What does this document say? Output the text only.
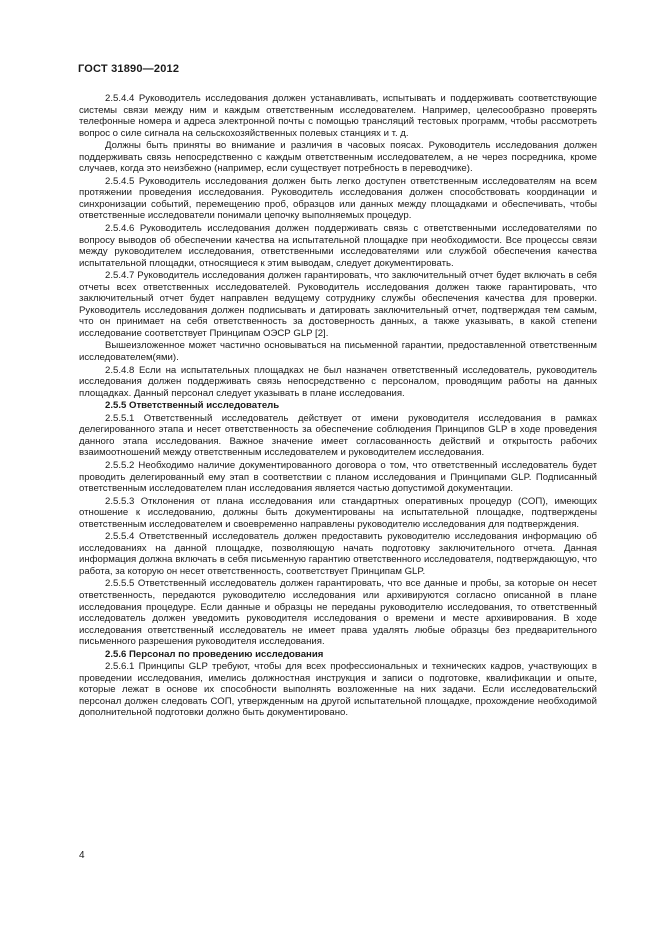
ГОСТ 31890—2012

2.5.4.4 Руководитель исследования должен устанавливать, испытывать и поддерживать соответствующие системы связи между ним и каждым ответственным исследователем. Например, целесообразно проверять телефонные номера и адреса электронной почты с помощью трансляций тестовых программ, чтобы рассмотреть вопрос о силе сигнала на сельскохозяйственных полевых станциях и т. д.

Должны быть приняты во внимание и различия в часовых поясах. Руководитель исследования должен поддерживать связь непосредственно с каждым ответственным исследователем, а не через посредника, кроме случаев, когда это неизбежно (например, если существует потребность в переводчике).

2.5.4.5 Руководитель исследования должен быть легко доступен ответственным исследователям на всем протяжении проведения исследования. Руководитель исследования должен способствовать координации и синхронизации событий, перемещению проб, образцов или данных между площадками и обеспечивать, чтобы ответственные исследователи понимали цепочку выполняемых процедур.

2.5.4.6 Руководитель исследования должен поддерживать связь с ответственными исследователями по вопросу выводов об обеспечении качества на испытательной площадке при необходимости. Все процессы связи между руководителем исследования, ответственными исследователями или службой обеспечения качества испытательной площадки, относящиеся к этим выводам, следует документировать.

2.5.4.7 Руководитель исследования должен гарантировать, что заключительный отчет будет включать в себя отчеты всех ответственных исследователей. Руководитель исследования должен также гарантировать, что заключительный отчет будет направлен ведущему сотруднику службы обеспечения качества для проверки. Руководитель исследования должен подписывать и датировать заключительный отчет, подтверждая тем самым, что он принимает на себя ответственность за достоверность данных, а также указывать, в какой степени исследование соответствует Принципам ОЭСР GLP [2].

Вышеизложенное может частично основываться на письменной гарантии, предоставленной ответственным исследователем(ями).

2.5.4.8 Если на испытательных площадках не был назначен ответственный исследователь, руководитель исследования должен поддерживать связь непосредственно с персоналом, проводящим работы на данных площадках. Данный персонал следует указывать в плане исследования.

2.5.5 Ответственный исследователь

2.5.5.1 Ответственный исследователь действует от имени руководителя исследования в рамках делегированного этапа и несет ответственность за обеспечение соблюдения Принципов GLP в ходе проведения данного этапа исследования. Важное значение имеет согласованность действий и открытость рабочих взаимоотношений между ответственным исследователем и руководителем исследования.

2.5.5.2 Необходимо наличие документированного договора о том, что ответственный исследователь будет проводить делегированный ему этап в соответствии с планом исследования и Принципами GLP. Подписанный ответственным исследователем план исследования является частью допустимой документации.

2.5.5.3 Отклонения от плана исследования или стандартных оперативных процедур (СОП), имеющих отношение к исследованию, должны быть документированы на испытательной площадке, подтверждены ответственным исследователем и своевременно направлены руководителю исследования для подтверждения.

2.5.5.4 Ответственный исследователь должен предоставить руководителю исследования информацию об исследованиях на данной площадке, позволяющую начать подготовку заключительного отчета. Данная информация должна включать в себя письменную гарантию ответственного исследователя, подтверждающую, что работа, за которую он несет ответственность, соответствует Принципам GLP.

2.5.5.5 Ответственный исследователь должен гарантировать, что все данные и пробы, за которые он несет ответственность, передаются руководителю исследования или архивируются согласно описанной в плане исследования процедуре. Если данные и образцы не переданы руководителю исследования, то ответственный исследователь должен уведомить руководителя исследования о времени и месте архивирования. В ходе исследования ответственный исследователь не имеет права удалять любые образцы без предварительного письменного разрешения руководителя исследования.

2.5.6 Персонал по проведению исследования

2.5.6.1 Принципы GLP требуют, чтобы для всех профессиональных и технических кадров, участвующих в проведении исследования, имелись должностная инструкция и записи о подготовке, квалификации и опыте, которые лежат в основе их способности выполнять возложенные на них задачи. Если исследовательский персонал должен следовать СОП, утвержденным на другой испытательной площадке, прохождение необходимой дополнительной подготовки должно быть документировано.

4
